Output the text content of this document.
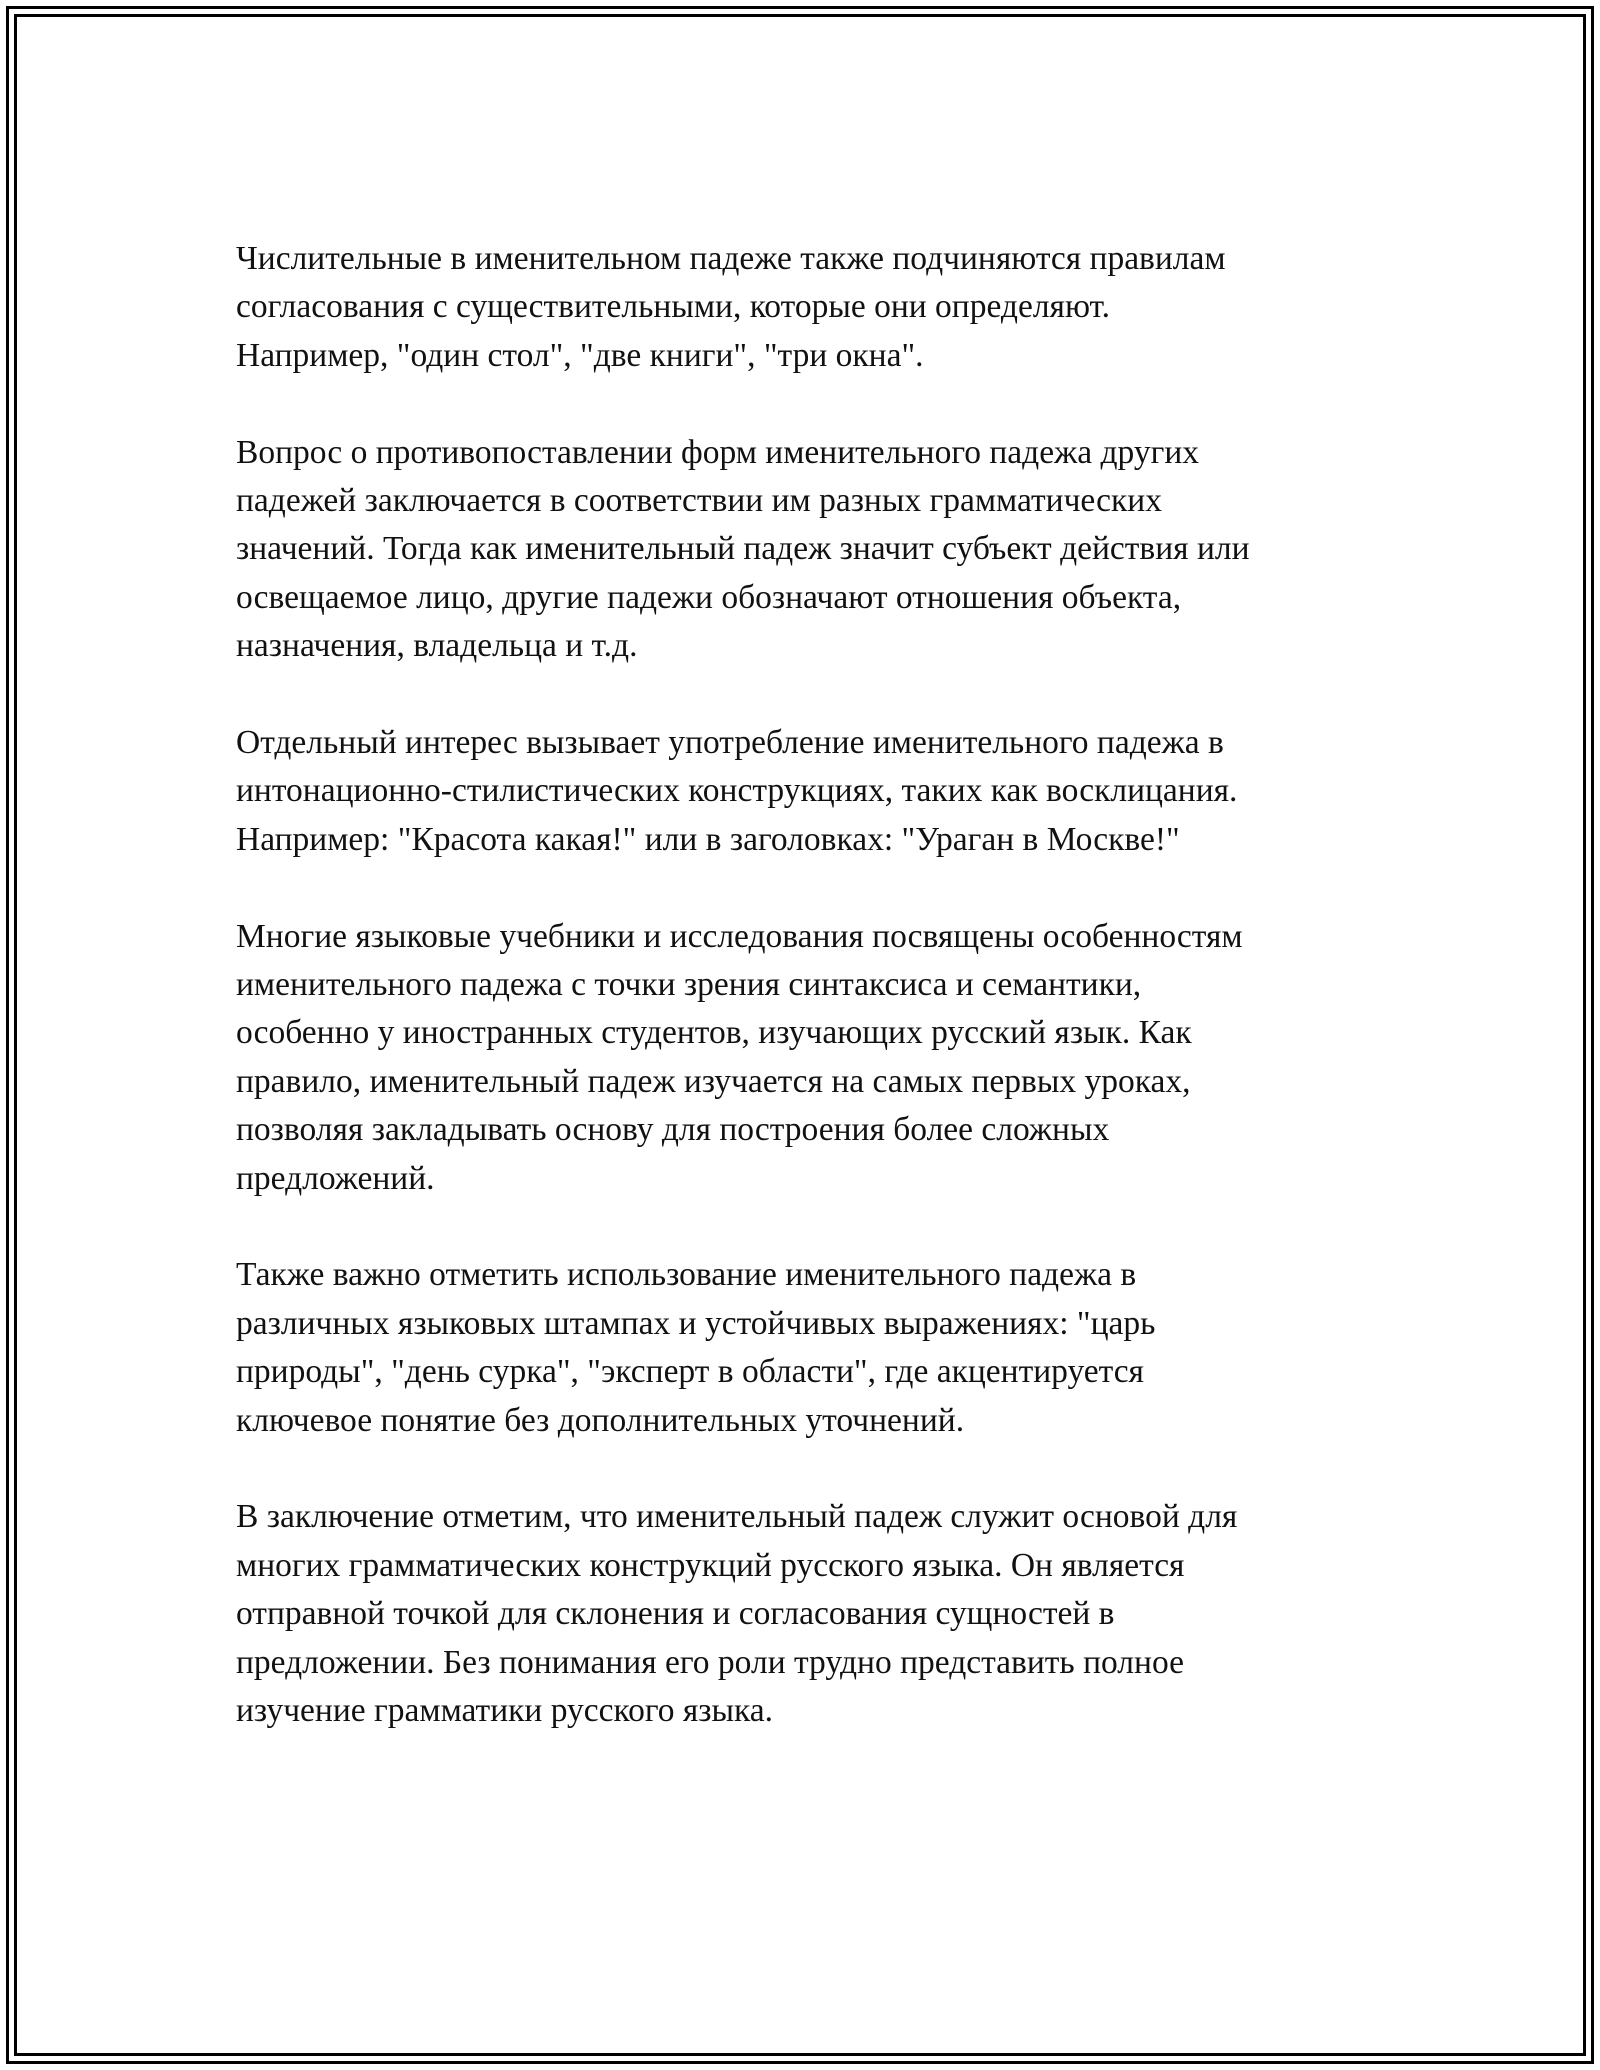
Числительные в именительном падеже также подчиняются правилам
согласования с существительными, которые они определяют.
Например, "один стол", "две книги", "три окна".

Вопрос о противопоставлении форм именительного падежа других
падежей заключается в соответствии им разных грамматических
значений. Тогда как именительный падеж значит субъект действия или
освещаемое лицо, другие падежи обозначают отношения объекта,
назначения, владельца и т.д.

Отдельный интерес вызывает употребление именительного падежа в
интонационно-стилистических конструкциях, таких как восклицания.
Например: "Красота какая!" или в заголовках: "Ураган в Москве!"

Многие языковые учебники и исследования посвящены особенностям
именительного падежа с точки зрения синтаксиса и семантики,
особенно у иностранных студентов, изучающих русский язык. Как
правило, именительный падеж изучается на самых первых уроках,
позволяя закладывать основу для построения более сложных
предложений.

Также важно отметить использование именительного падежа в
различных языковых штампах и устойчивых выражениях: "царь
природы", "день сурка", "эксперт в области", где акцентируется
ключевое понятие без дополнительных уточнений.

В заключение отметим, что именительный падеж служит основой для
многих грамматических конструкций русского языка. Он является
отправной точкой для склонения и согласования сущностей в
предложении. Без понимания его роли трудно представить полное
изучение грамматики русского языка.
